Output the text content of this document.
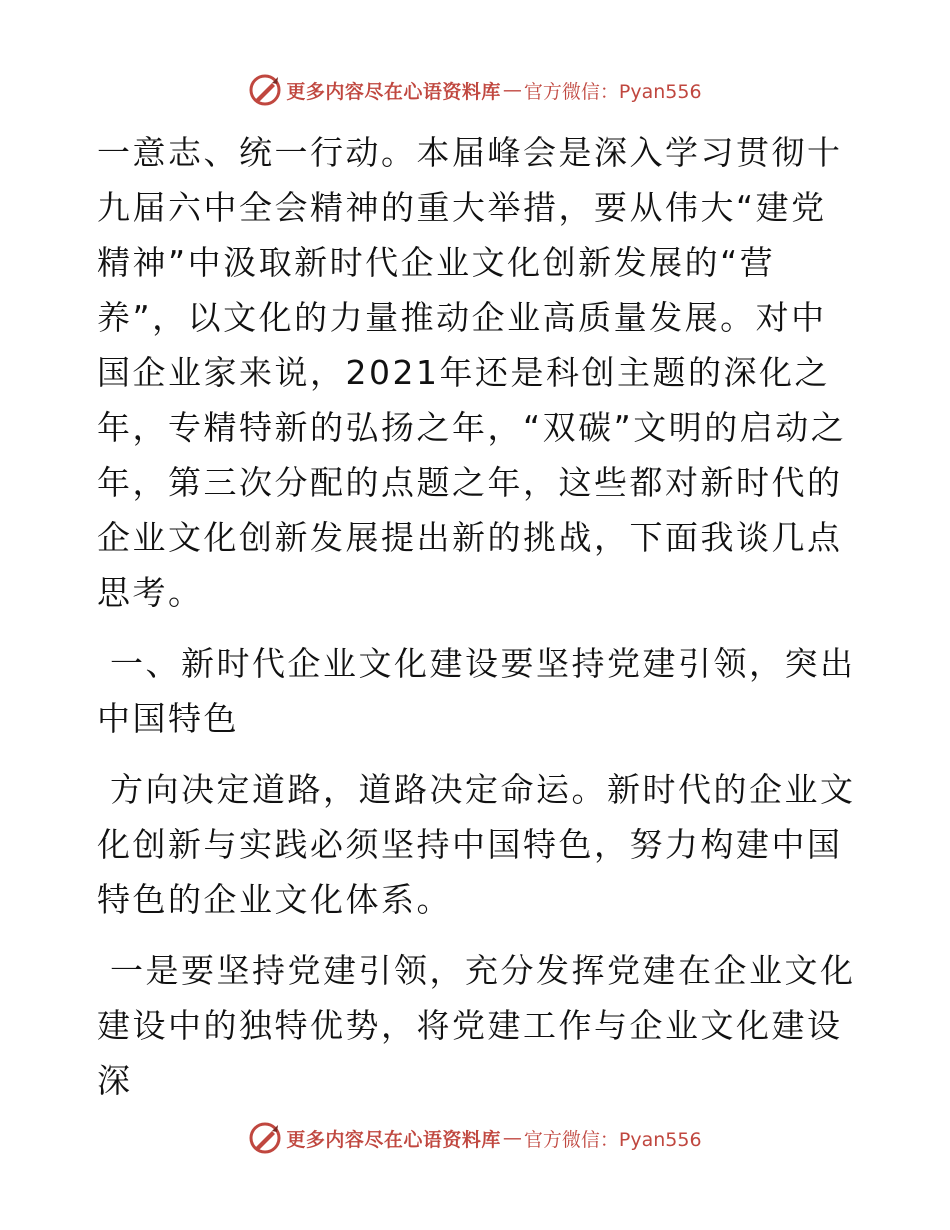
更多内容尽在心语资料库 — 官方微信：Pyan556

一意志、统一行动。本届峰会是深入学习贯彻十九届六中全会精神的重大举措，要从伟大“建党精神”中汲取新时代企业文化创新发展的“营养”，以文化的力量推动企业高质量发展。对中国企业家来说，2021年还是科创主题的深化之年，专精特新的弘扬之年，“双碳”文明的启动之年，第三次分配的点题之年，这些都对新时代的企业文化创新发展提出新的挑战，下面我谈几点思考。

一、新时代企业文化建设要坚持党建引领，突出中国特色

方向决定道路，道路决定命运。新时代的企业文化创新与实践必须坚持中国特色，努力构建中国特色的企业文化体系。

一是要坚持党建引领，充分发挥党建在企业文化建设中的独特优势，将党建工作与企业文化建设深

更多内容尽在心语资料库 — 官方微信：Pyan556
